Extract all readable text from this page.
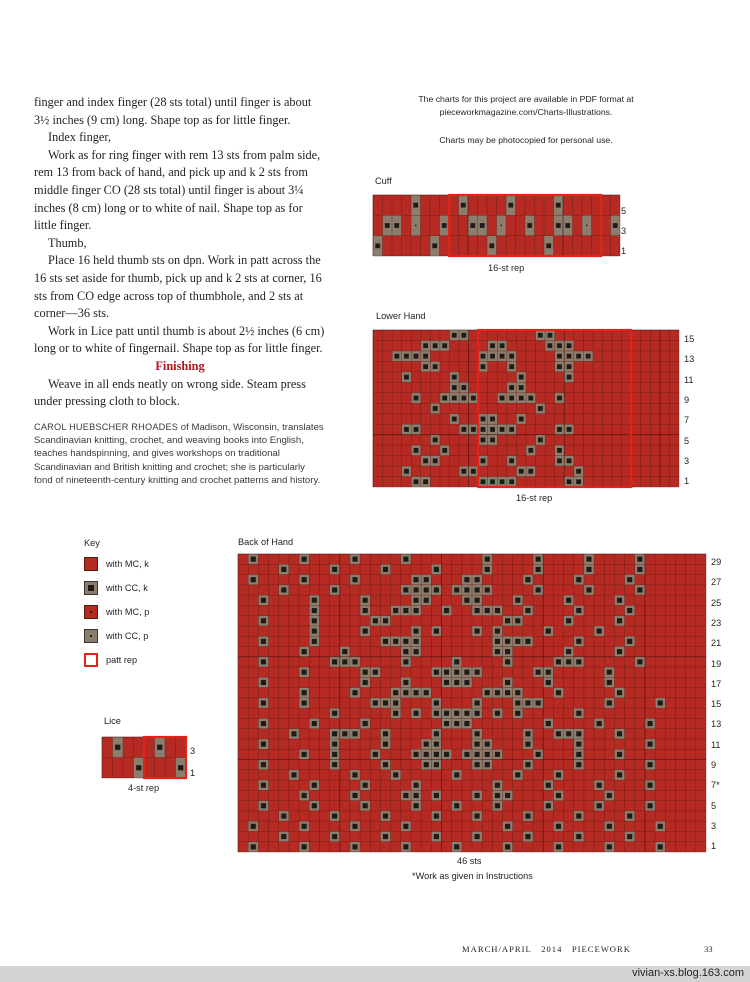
finger and index finger (28 sts total) until finger is about 3½ inches (9 cm) long. Shape top as for little finger.

Index finger,

Work as for ring finger with rem 13 sts from palm side, rem 13 from back of hand, and pick up and k 2 sts from middle finger CO (28 sts total) until finger is about 3¼ inches (8 cm) long or to white of nail. Shape top as for little finger.

Thumb,

Place 16 held thumb sts on dpn. Work in patt across the 16 sts set aside for thumb, pick up and k 2 sts at corner, 16 sts from CO edge across top of thumbhole, and 2 sts at corner—36 sts.

Work in Lice patt until thumb is about 2½ inches (6 cm) long or to white of fingernail. Shape top as for little finger.

Finishing

Weave in all ends neatly on wrong side. Steam press under pressing cloth to block.

CAROL HUEBSCHER RHOADES of Madison, Wisconsin, translates Scandinavian knitting, crochet, and weaving books into English, teaches handspinning, and gives workshops on traditional Scandinavian and British knitting and crochet; she is particularly fond of nineteenth-century knitting and crochet patterns and history.

The charts for this project are available in PDF format at
pieceworkmagazine.com/Charts-Illustrations.
Charts may be photocopied for personal use.
Cuff
5
3
1
16-st rep
Lower Hand
15
13
11
9
7
5
3
1
16-st rep
Key
with MC, k
with CC, k
with MC, p
with CC, p
patt rep
Lice
3
1
4-st rep
Back of Hand
29
27
25
23
21
19
17
15
13
11
9
7*
5
3
1
46 sts
*Work as given in Instructions
MARCH/APRIL 2014 PIECEWORK	33
vivian-xs.blog.163.com
